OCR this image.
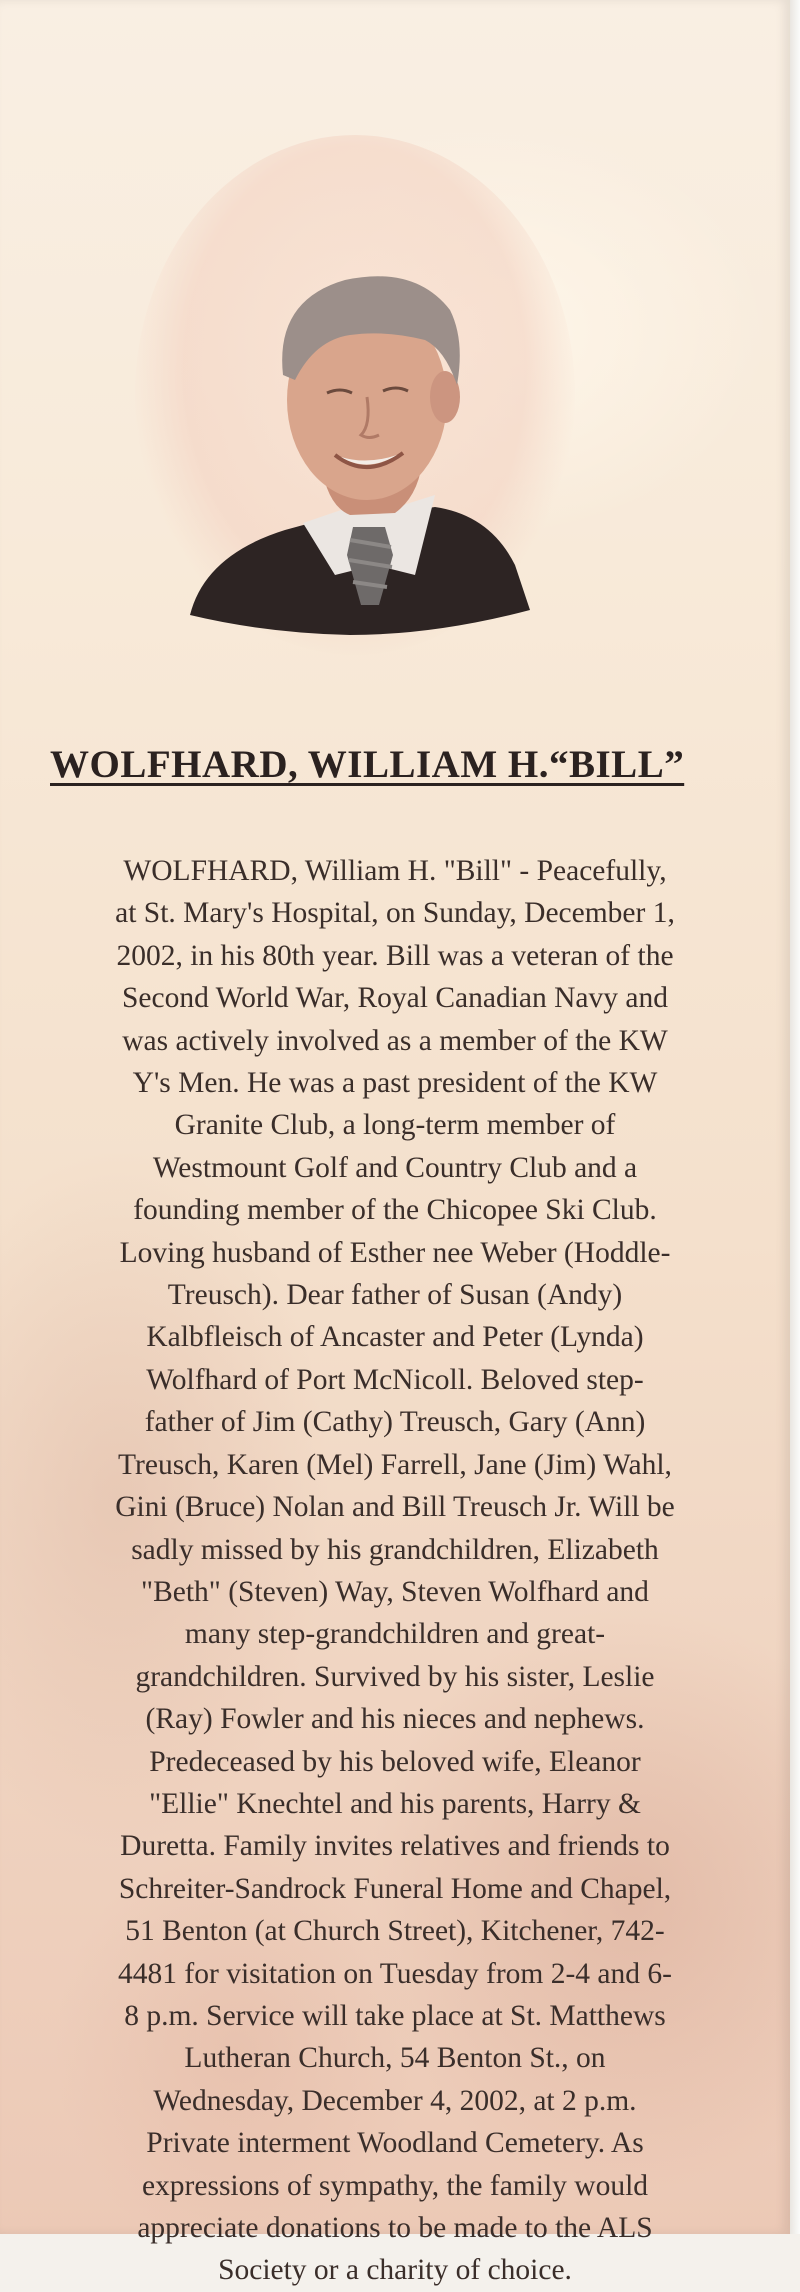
WOLFHARD, WILLIAM H.“BILL”
WOLFHARD, William H. "Bill" - Peacefully,
at St. Mary's Hospital, on Sunday, December 1,
2002, in his 80th year. Bill was a veteran of the
Second World War, Royal Canadian Navy and
was actively involved as a member of the KW
Y's Men. He was a past president of the KW
Granite Club, a long-term member of
Westmount Golf and Country Club and a
founding member of the Chicopee Ski Club.
Loving husband of Esther nee Weber (Hoddle-
Treusch). Dear father of Susan (Andy)
Kalbfleisch of Ancaster and Peter (Lynda)
Wolfhard of Port McNicoll. Beloved step-
father of Jim (Cathy) Treusch, Gary (Ann)
Treusch, Karen (Mel) Farrell, Jane (Jim) Wahl,
Gini (Bruce) Nolan and Bill Treusch Jr. Will be
sadly missed by his grandchildren, Elizabeth
"Beth" (Steven) Way, Steven Wolfhard and
many step-grandchildren and great-
grandchildren. Survived by his sister, Leslie
(Ray) Fowler and his nieces and nephews.
Predeceased by his beloved wife, Eleanor
"Ellie" Knechtel and his parents, Harry &
Duretta. Family invites relatives and friends to
Schreiter-Sandrock Funeral Home and Chapel,
51 Benton (at Church Street), Kitchener, 742-
4481 for visitation on Tuesday from 2-4 and 6-
8 p.m. Service will take place at St. Matthews
Lutheran Church, 54 Benton St., on
Wednesday, December 4, 2002, at 2 p.m.
Private interment Woodland Cemetery. As
expressions of sympathy, the family would
appreciate donations to be made to the ALS
Society or a charity of choice.
